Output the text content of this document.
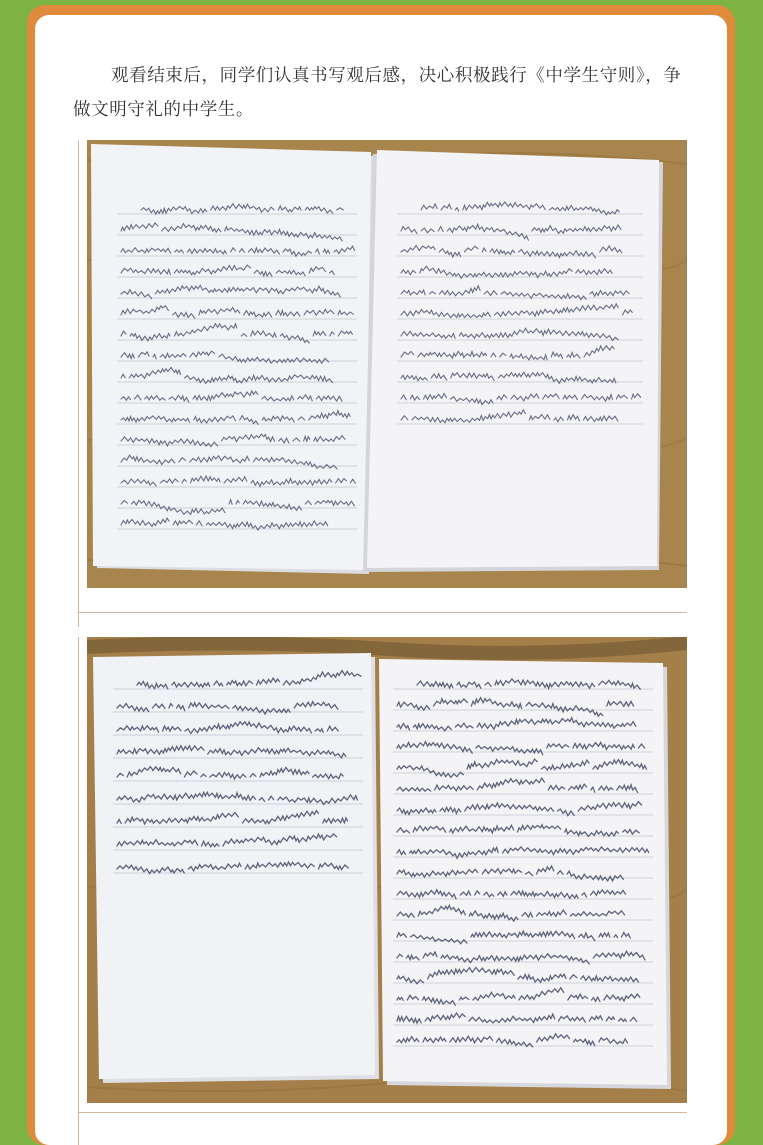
观看结束后，同学们认真书写观后感，决心积极践行《中学生守则》，争做文明守礼的中学生。
